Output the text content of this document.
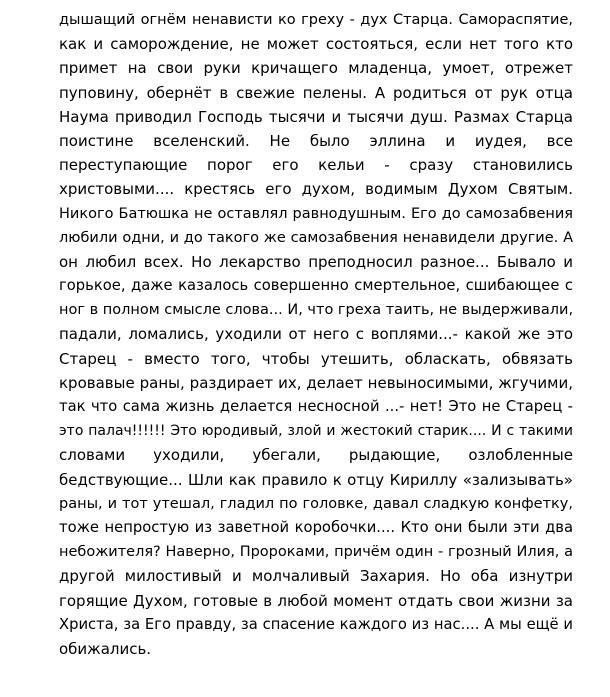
дышащий огнём ненависти ко греху - дух Старца. Самораспятие,
как и саморождение, не может состояться, если нет того кто
примет на свои руки кричащего младенца, умоет, отрежет
пуповину, обернёт в свежие пелены. А родиться от рук отца
Наума приводил Господь тысячи и тысячи душ. Размах Старца
поистине вселенский. Не было эллина и иудея, все
переступающие порог его кельи - сразу становились
христовыми.... крестясь его духом, водимым Духом Святым.
Никого Батюшка не оставлял равнодушным. Его до самозабвения
любили одни, и до такого же самозабвения ненавидели другие. А
он любил всех. Но лекарство преподносил разное... Бывало и
горькое, даже казалось совершенно смертельное, сшибающее с
ног в полном смысле слова... И, что греха таить, не выдерживали,
падали, ломались, уходили от него с воплями...- какой же это
Старец - вместо того, чтобы утешить, обласкать, обвязать
кровавые раны, раздирает их, делает невыносимыми, жгучими,
так что сама жизнь делается несносной ...- нет! Это не Старец -
это палач!!!!!! Это юродивый, злой и жестокий старик.... И с такими
словами уходили, убегали, рыдающие, озлобленные
бедствующие... Шли как правило к отцу Кириллу «зализывать»
раны, и тот утешал, гладил по головке, давал сладкую конфетку,
тоже непростую из заветной коробочки.... Кто они были эти два
небожителя? Наверно, Пророками, причём один - грозный Илия, а
другой милостивый и молчаливый Захария. Но оба изнутри
горящие Духом, готовые в любой момент отдать свои жизни за
Христа, за Его правду, за спасение каждого из нас.... А мы ещё и
обижались.
